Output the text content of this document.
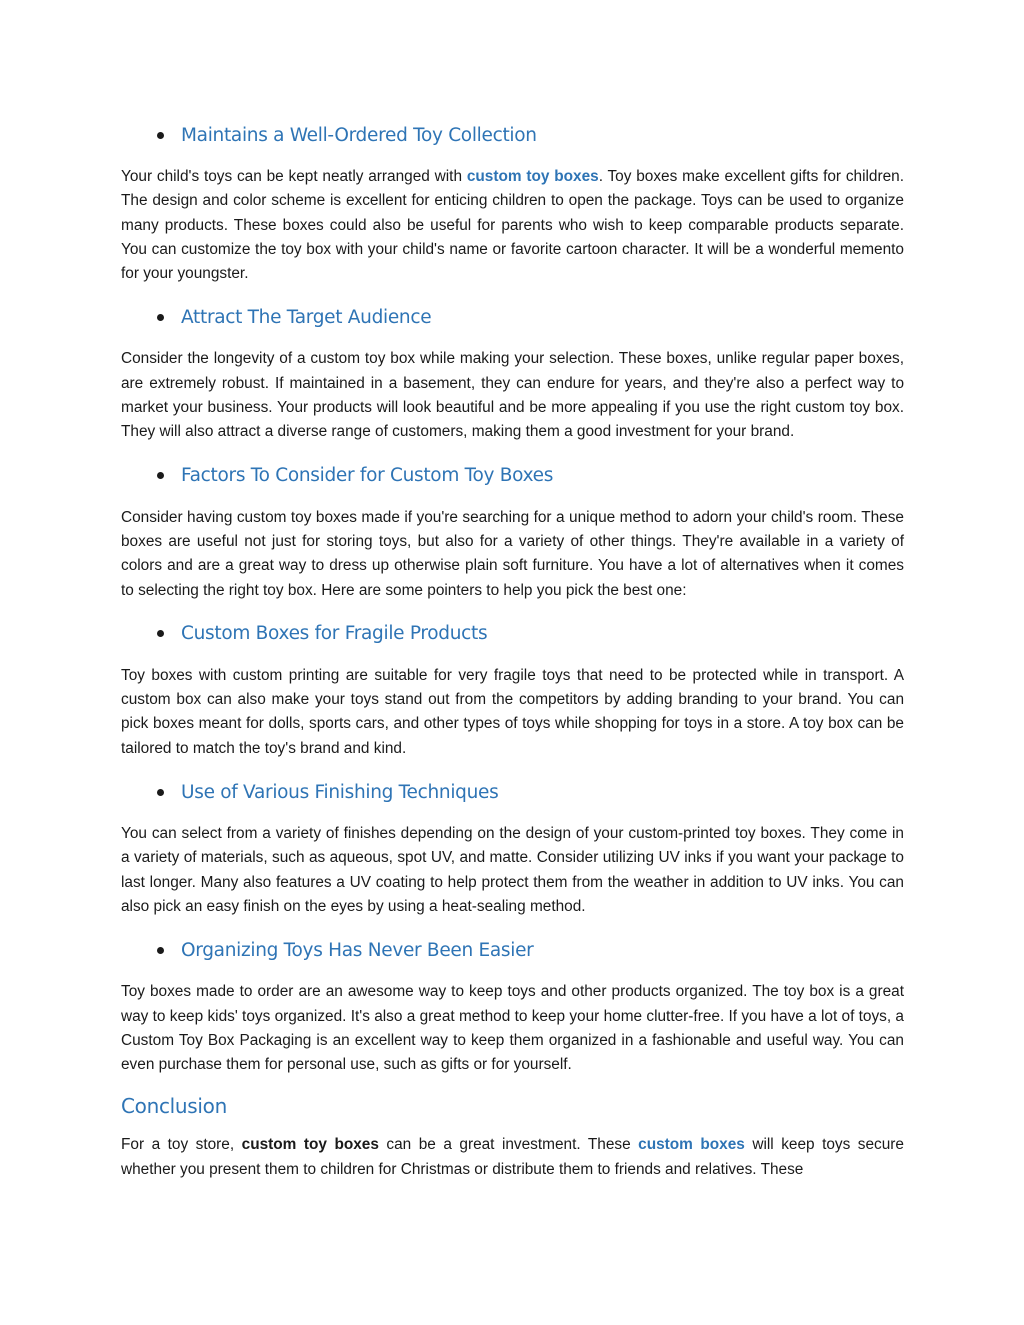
Maintains a Well-Ordered Toy Collection

Your child's toys can be kept neatly arranged with custom toy boxes. Toy boxes make excellent gifts for children. The design and color scheme is excellent for enticing children to open the package. Toys can be used to organize many products. These boxes could also be useful for parents who wish to keep comparable products separate. You can customize the toy box with your child's name or favorite cartoon character. It will be a wonderful memento for your youngster.

Attract The Target Audience

Consider the longevity of a custom toy box while making your selection. These boxes, unlike regular paper boxes, are extremely robust. If maintained in a basement, they can endure for years, and they're also a perfect way to market your business. Your products will look beautiful and be more appealing if you use the right custom toy box. They will also attract a diverse range of customers, making them a good investment for your brand.

Factors To Consider for Custom Toy Boxes

Consider having custom toy boxes made if you're searching for a unique method to adorn your child's room. These boxes are useful not just for storing toys, but also for a variety of other things. They're available in a variety of colors and are a great way to dress up otherwise plain soft furniture. You have a lot of alternatives when it comes to selecting the right toy box. Here are some pointers to help you pick the best one:

Custom Boxes for Fragile Products

Toy boxes with custom printing are suitable for very fragile toys that need to be protected while in transport. A custom box can also make your toys stand out from the competitors by adding branding to your brand. You can pick boxes meant for dolls, sports cars, and other types of toys while shopping for toys in a store. A toy box can be tailored to match the toy's brand and kind.

Use of Various Finishing Techniques

You can select from a variety of finishes depending on the design of your custom-printed toy boxes. They come in a variety of materials, such as aqueous, spot UV, and matte. Consider utilizing UV inks if you want your package to last longer. Many also features a UV coating to help protect them from the weather in addition to UV inks. You can also pick an easy finish on the eyes by using a heat-sealing method.

Organizing Toys Has Never Been Easier

Toy boxes made to order are an awesome way to keep toys and other products organized. The toy box is a great way to keep kids' toys organized. It's also a great method to keep your home clutter-free. If you have a lot of toys, a Custom Toy Box Packaging is an excellent way to keep them organized in a fashionable and useful way. You can even purchase them for personal use, such as gifts or for yourself.

Conclusion

For a toy store, custom toy boxes can be a great investment. These custom boxes will keep toys secure whether you present them to children for Christmas or distribute them to friends and relatives. These
